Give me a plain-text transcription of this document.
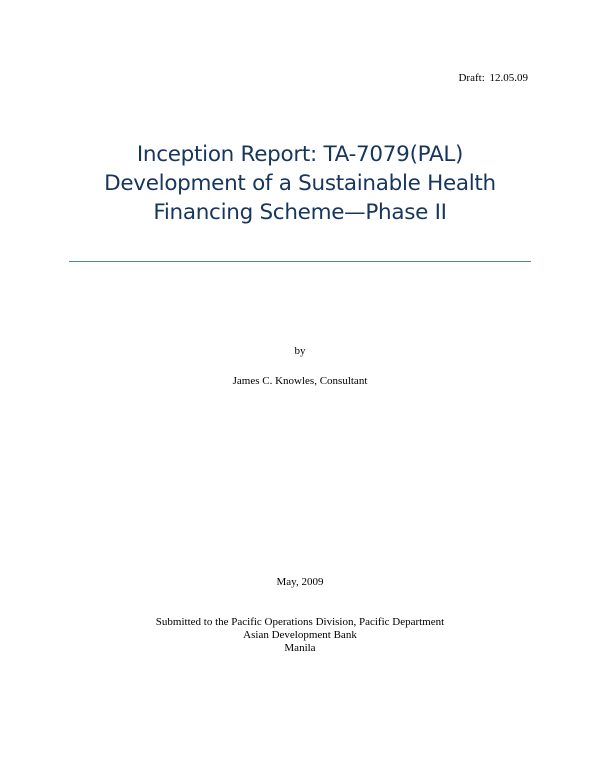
Draft: 12.05.09
Inception Report: TA-7079(PAL)
Development of a Sustainable Health
Financing Scheme—Phase II
by
James C. Knowles, Consultant
May, 2009
Submitted to the Pacific Operations Division, Pacific Department
Asian Development Bank
Manila
